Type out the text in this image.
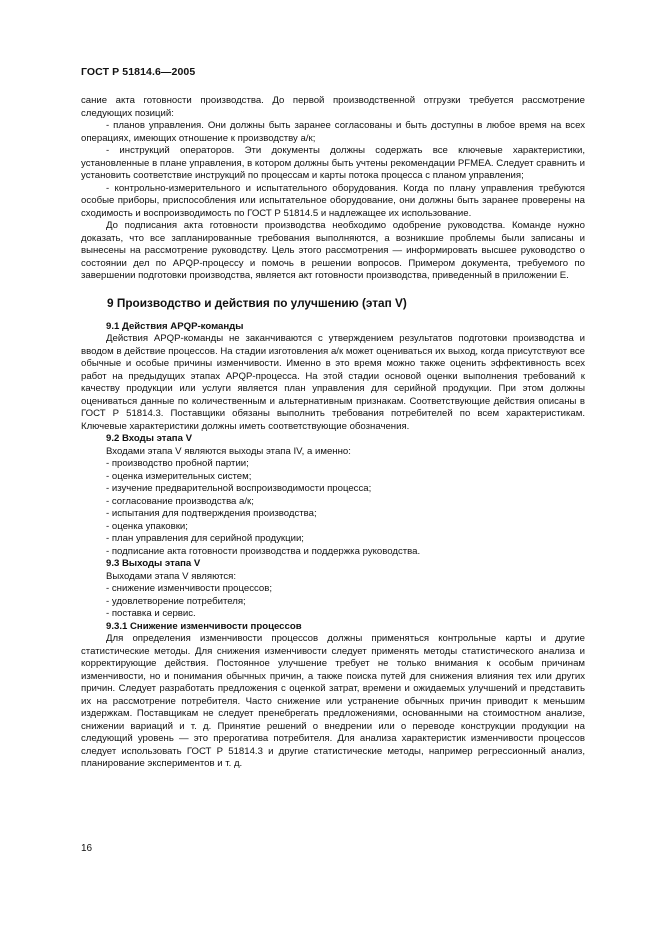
ГОСТ Р 51814.6—2005

сание акта готовности производства. До первой производственной отгрузки требуется рассмотрение следующих позиций:

- планов управления. Они должны быть заранее согласованы и быть доступны в любое время на всех операциях, имеющих отношение к производству а/к;

- инструкций операторов. Эти документы должны содержать все ключевые характеристики, установленные в плане управления, в котором должны быть учтены рекомендации PFMEA. Следует сравнить и установить соответствие инструкций по процессам и карты потока процесса с планом управления;

- контрольно-измерительного и испытательного оборудования. Когда по плану управления требуются особые приборы, приспособления или испытательное оборудование, они должны быть заранее проверены на сходимость и воспроизводимость по ГОСТ Р 51814.5 и надлежащее их использование.

До подписания акта готовности производства необходимо одобрение руководства. Команде нужно доказать, что все запланированные требования выполняются, а возникшие проблемы были записаны и вынесены на рассмотрение руководству. Цель этого рассмотрения — информировать высшее руководство о состоянии дел по APQP-процессу и помочь в решении вопросов. Примером документа, требуемого по завершении подготовки производства, является акт готовности производства, приведенный в приложении Е.

9 Производство и действия по улучшению (этап V)

9.1 Действия APQP-команды

Действия APQP-команды не заканчиваются с утверждением результатов подготовки производства и вводом в действие процессов. На стадии изготовления а/к может оцениваться их выход, когда присутствуют все обычные и особые причины изменчивости. Именно в это время можно также оценить эффективность всех работ на предыдущих этапах APQP-процесса. На этой стадии основой оценки выполнения требований к качеству продукции или услуги является план управления для серийной продукции. При этом должны оцениваться данные по количественным и альтернативным признакам. Соответствующие действия описаны в ГОСТ Р 51814.3. Поставщики обязаны выполнить требования потребителей по всем характеристикам. Ключевые характеристики должны иметь соответствующие обозначения.

9.2 Входы этапа V

Входами этапа V являются выходы этапа IV, а именно:

- производство пробной партии;

- оценка измерительных систем;

- изучение предварительной воспроизводимости процесса;

- согласование производства а/к;

- испытания для подтверждения производства;

- оценка упаковки;

- план управления для серийной продукции;

- подписание акта готовности производства и поддержка руководства.

9.3 Выходы этапа V

Выходами этапа V являются:

- снижение изменчивости процессов;

- удовлетворение потребителя;

- поставка и сервис.

9.3.1 Снижение изменчивости процессов

Для определения изменчивости процессов должны применяться контрольные карты и другие статистические методы. Для снижения изменчивости следует применять методы статистического анализа и корректирующие действия. Постоянное улучшение требует не только внимания к особым причинам изменчивости, но и понимания обычных причин, а также поиска путей для снижения влияния тех или других причин. Следует разработать предложения с оценкой затрат, времени и ожидаемых улучшений и представить их на рассмотрение потребителя. Часто снижение или устранение обычных причин приводит к меньшим издержкам. Поставщикам не следует пренебрегать предложениями, основанными на стоимостном анализе, снижении вариаций и т. д. Принятие решений о внедрении или о переводе конструкции продукции на следующий уровень — это прерогатива потребителя. Для анализа характеристик изменчивости процессов следует использовать ГОСТ Р 51814.3 и другие статистические методы, например регрессионный анализ, планирование экспериментов и т. д.

16
